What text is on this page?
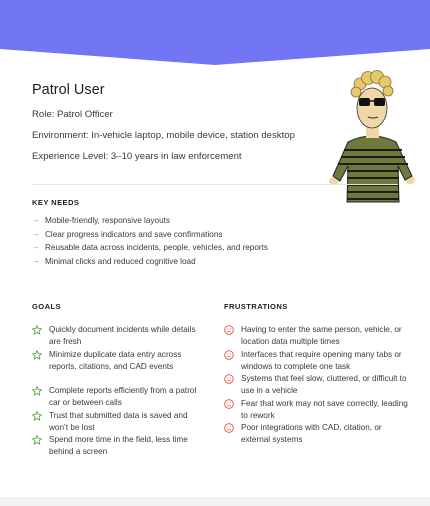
Patrol User
Role: Patrol Officer
Environment: In-vehicle laptop, mobile device, station desktop
Experience Level: 3–10 years in law enforcement
KEY NEEDS
→ Mobile-friendly, responsive layouts
→ Clear progress indicators and save confirmations
→ Reusable data across incidents, people, vehicles, and reports
→ Minimal clicks and reduced cognitive load
GOALS
Quickly document incidents while details are fresh
Minimize duplicate data entry across reports, citations, and CAD events
Complete reports efficiently from a patrol car or between calls
Trust that submitted data is saved and won’t be lost
Spend more time in the field, less time behind a screen
FRUSTRATIONS
Having to enter the same person, vehicle, or location data multiple times
Interfaces that require opening many tabs or windows to complete one task
Systems that feel slow, cluttered, or difficult to use in a vehicle
Fear that work may not save correctly, leading to rework
Poor integrations with CAD, citation, or external systems
